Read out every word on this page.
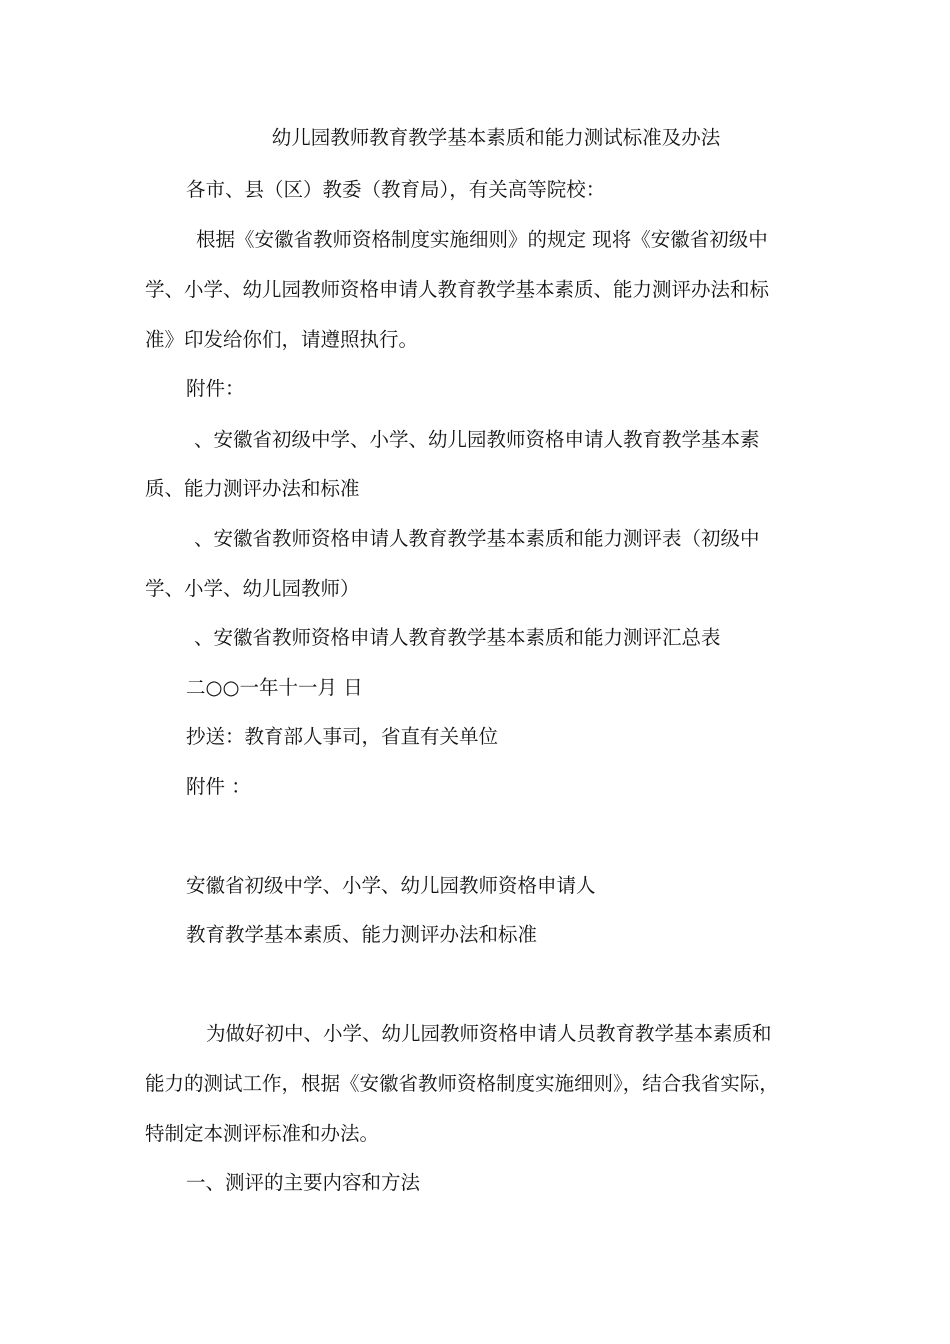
幼儿园教师教育教学基本素质和能力测试标准及办法
各市、县（区）教委（教育局），有关高等院校：
根据《安徽省教师资格制度实施细则》的规定 现将《安徽省初级中
学、小学、幼儿园教师资格申请人教育教学基本素质、能力测评办法和标
准》印发给你们，请遵照执行。
附件：
、安徽省初级中学、小学、幼儿园教师资格申请人教育教学基本素
质、能力测评办法和标准
、安徽省教师资格申请人教育教学基本素质和能力测评表（初级中
学、小学、幼儿园教师）
、安徽省教师资格申请人教育教学基本素质和能力测评汇总表
二○○一年十一月 日
抄送：教育部人事司，省直有关单位
附件 ：
安徽省初级中学、小学、幼儿园教师资格申请人
教育教学基本素质、能力测评办法和标准
为做好初中、小学、幼儿园教师资格申请人员教育教学基本素质和
能力的测试工作，根据《安徽省教师资格制度实施细则》，结合我省实际，
特制定本测评标准和办法。
一、测评的主要内容和方法
